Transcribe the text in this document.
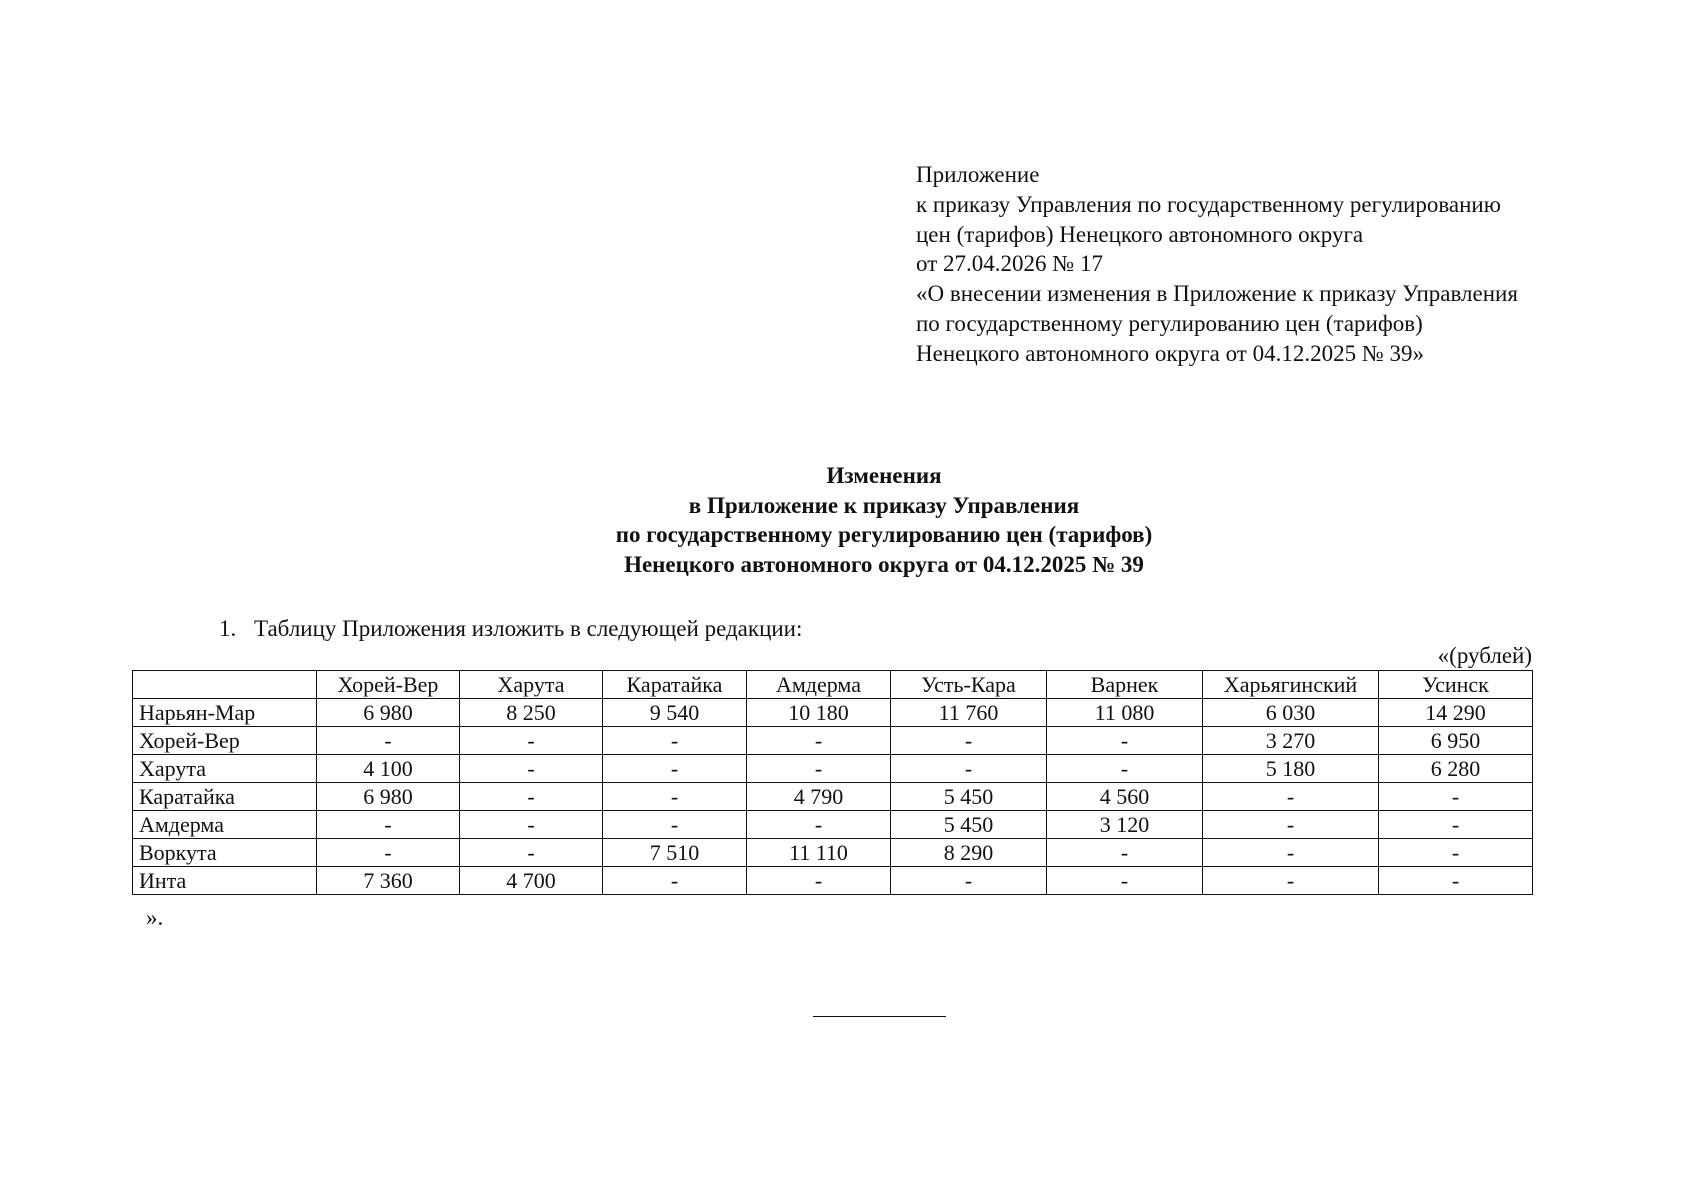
Приложение
к приказу Управления по государственному регулированию
цен (тарифов) Ненецкого автономного округа
от 27.04.2026 № 17
«О внесении изменения в Приложение к приказу Управления
по государственному регулированию цен (тарифов)
Ненецкого автономного округа от 04.12.2025 № 39»
Изменения
в Приложение к приказу Управления
по государственному регулированию цен (тарифов)
Ненецкого автономного округа от 04.12.2025 № 39
1. Таблицу Приложения изложить в следующей редакции:
«(рублей)
	Хорей-Вер	Харута	Каратайка	Амдерма	Усть-Кара	Варнек	Харьягинский	Усинск
Нарьян-Мар	6 980	8 250	9 540	10 180	11 760	11 080	6 030	14 290
Хорей-Вер	-	-	-	-	-	-	3 270	6 950
Харута	4 100	-	-	-	-	-	5 180	6 280
Каратайка	6 980	-	-	4 790	5 450	4 560	-	-
Амдерма	-	-	-	-	5 450	3 120	-	-
Воркута	-	-	7 510	11 110	8 290	-	-	-
Инта	7 360	4 700	-	-	-	-	-	-
».
